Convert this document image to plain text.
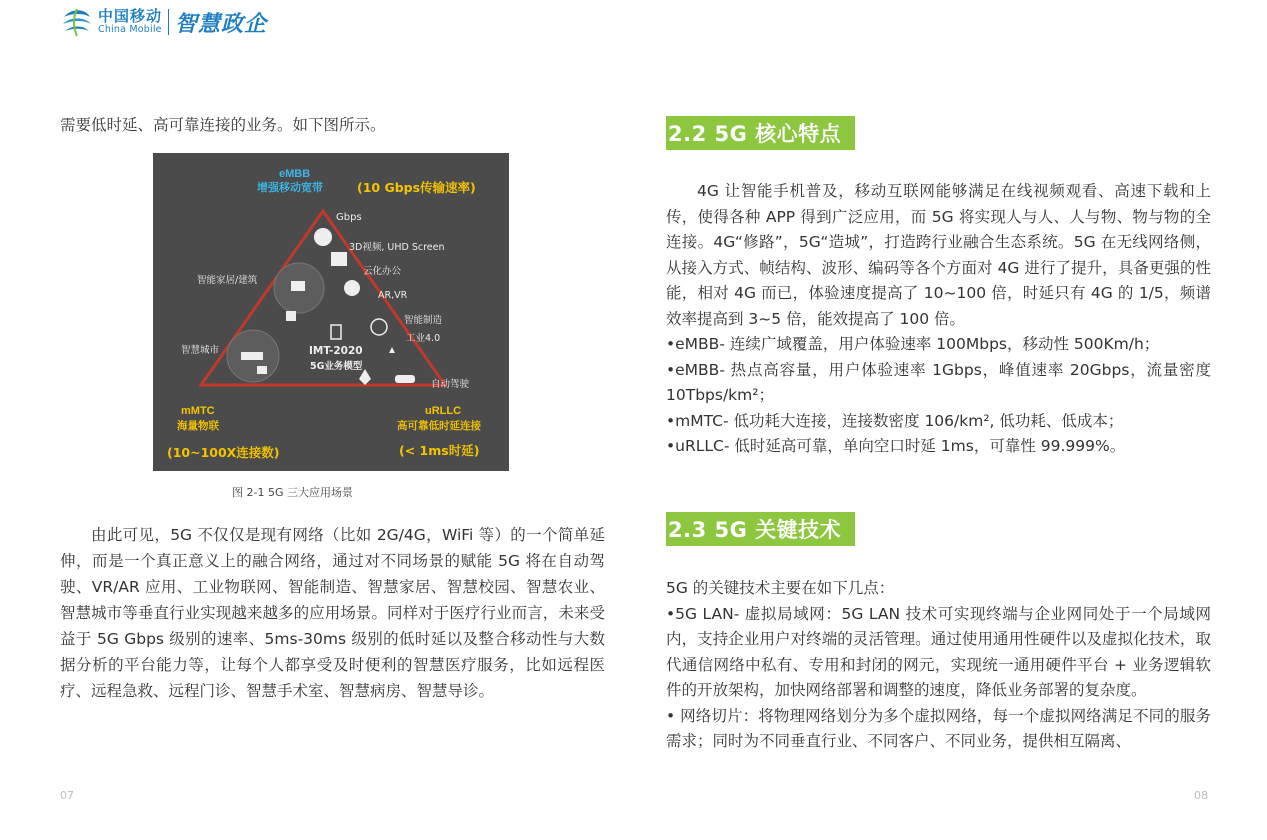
中国移动
China Mobile 智慧政企

需要低时延、高可靠连接的业务。如下图所示。

eMBB
增强移动宽带	(10 Gbps传输速率)
Gbps
3D视频, UHD Screen
云化办公
AR,VR
智能家居/建筑
智能制造
工业4.0
智慧城市	IMT-2020
5G业务模型
自动驾驶
mMTC
海量物联
(10~100X连接数)
uRLLC
高可靠低时延连接
(< 1ms时延)
图 2-1 5G 三大应用场景

由此可见，5G 不仅仅是现有网络（比如 2G/4G，WiFi 等）的一个简单延伸，而是一个真正意义上的融合网络，通过对不同场景的赋能 5G 将在自动驾驶、VR/AR 应用、工业物联网、智能制造、智慧家居、智慧校园、智慧农业、智慧城市等垂直行业实现越来越多的应用场景。同样对于医疗行业而言，未来受益于 5G Gbps 级别的速率、5ms-30ms 级别的低时延以及整合移动性与大数据分析的平台能力等，让每个人都享受及时便利的智慧医疗服务，比如远程医疗、远程急救、远程门诊、智慧手术室、智慧病房、智慧导诊。

2.2 5G 核心特点

4G 让智能手机普及，移动互联网能够满足在线视频观看、高速下载和上传，使得各种 APP 得到广泛应用，而 5G 将实现人与人、人与物、物与物的全连接。4G“修路”，5G“造城”，打造跨行业融合生态系统。5G 在无线网络侧，从接入方式、帧结构、波形、编码等各个方面对 4G 进行了提升，具备更强的性能，相对 4G 而已，体验速度提高了 10~100 倍，时延只有 4G 的 1/5，频谱效率提高到 3~5 倍，能效提高了 100 倍。

•eMBB- 连续广域覆盖，用户体验速率 100Mbps，移动性 500Km/h；

•eMBB- 热点高容量，用户体验速率 1Gbps，峰值速率 20Gbps，流量密度 10Tbps/km²；

•mMTC- 低功耗大连接，连接数密度 106/km², 低功耗、低成本；

•uRLLC- 低时延高可靠，单向空口时延 1ms，可靠性 99.999%。

2.3 5G 关键技术

5G 的关键技术主要在如下几点：

•5G LAN- 虚拟局域网：5G LAN 技术可实现终端与企业网同处于一个局域网内，支持企业用户对终端的灵活管理。通过使用通用性硬件以及虚拟化技术，取代通信网络中私有、专用和封闭的网元，实现统一通用硬件平台 + 业务逻辑软件的开放架构，加快网络部署和调整的速度，降低业务部署的复杂度。

• 网络切片：将物理网络划分为多个虚拟网络，每一个虚拟网络满足不同的服务需求；同时为不同垂直行业、不同客户、不同业务，提供相互隔离、

07	08
